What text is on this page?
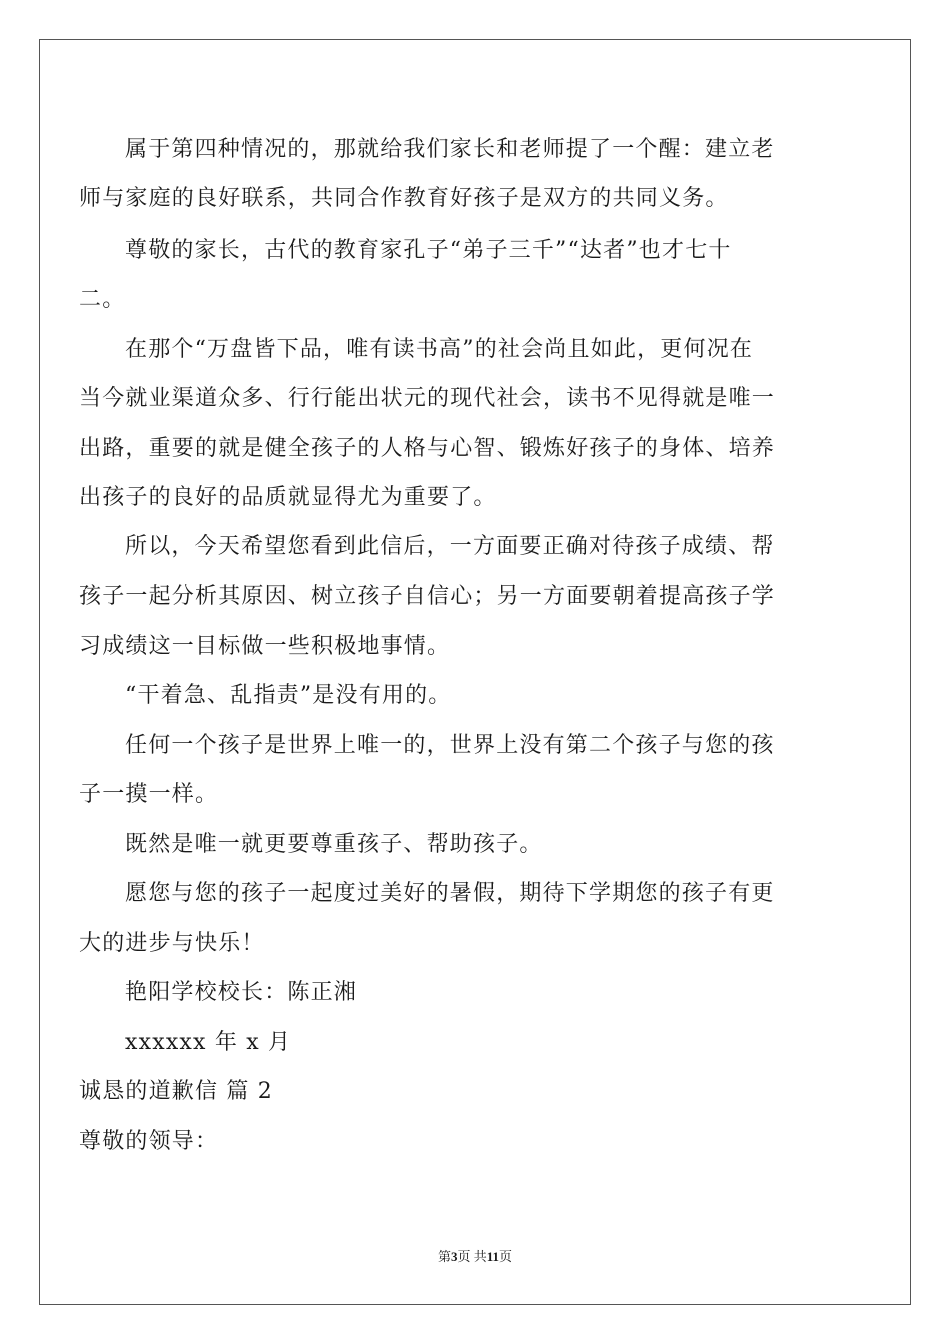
属于第四种情况的，那就给我们家长和老师提了一个醒：建立老
师与家庭的良好联系，共同合作教育好孩子是双方的共同义务。
尊敬的家长，古代的教育家孔子“弟子三千”“达者”也才七十
二。
在那个“万盘皆下品，唯有读书高”的社会尚且如此，更何况在
当今就业渠道众多、行行能出状元的现代社会，读书不见得就是唯一
出路，重要的就是健全孩子的人格与心智、锻炼好孩子的身体、培养
出孩子的良好的品质就显得尤为重要了。
所以，今天希望您看到此信后，一方面要正确对待孩子成绩、帮
孩子一起分析其原因、树立孩子自信心；另一方面要朝着提高孩子学
习成绩这一目标做一些积极地事情。
“干着急、乱指责”是没有用的。
任何一个孩子是世界上唯一的，世界上没有第二个孩子与您的孩
子一摸一样。
既然是唯一就更要尊重孩子、帮助孩子。
愿您与您的孩子一起度过美好的暑假，期待下学期您的孩子有更
大的进步与快乐！
艳阳学校校长：陈正湘
xxxxxx 年 x 月
诚恳的道歉信 篇 2
尊敬的领导：
第3页 共11页
